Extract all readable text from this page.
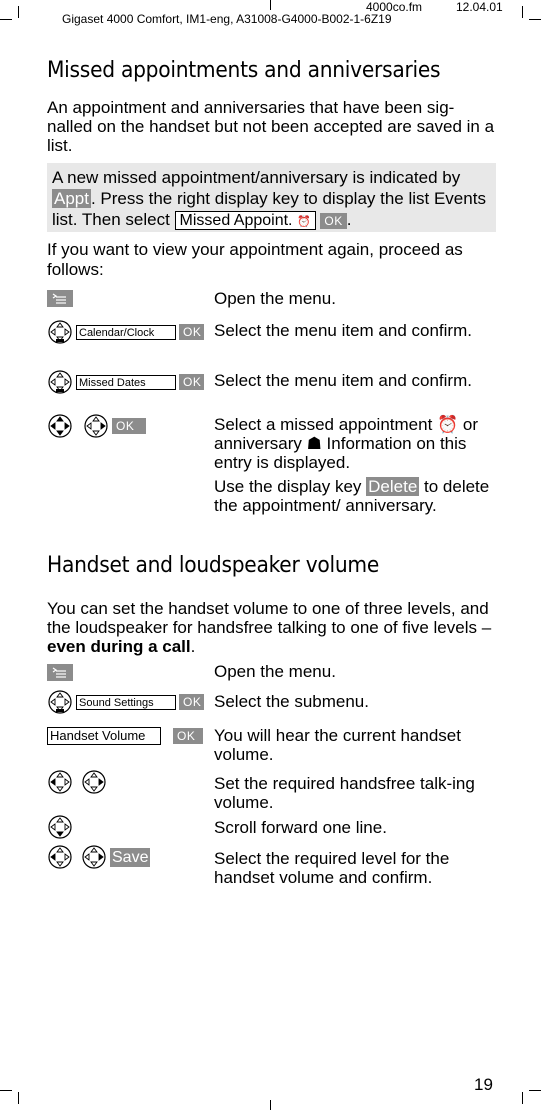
4000co.fm	12.04.01
Gigaset 4000 Comfort, IM1-eng, A31008-G4000-B002-1-6Z19
Missed appointments and anniversaries

An appointment and anniversaries that have been sig-nalled on the handset but not been accepted are saved in a list.

A new missed appointment/anniversary is indicated by Appt . Press the right display key to display the list Events list. Then select Missed Appoint. ⏰ OK .

If you want to view your appointment again, proceed as follows:

Open the menu.
Calendar/Clock	OK Select the menu item and confirm.
Missed Dates	OK Select the menu item and confirm.
OK	Select a missed appointment ⏰ or anniversary ☗ Information on this entry is displayed.
Use the display key Delete to delete the appointment/ anniversary.
Handset and loudspeaker volume

You can set the handset volume to one of three levels, and the loudspeaker for handsfree talking to one of five levels – even during a call.

Open the menu.
Sound Settings	OK Select the submenu.
Handset Volume	OK	You will hear the current handset volume.
Set the required handsfree talk-ing volume.
Scroll forward one line.
Save	Select the required level for the handset volume and confirm.
19
